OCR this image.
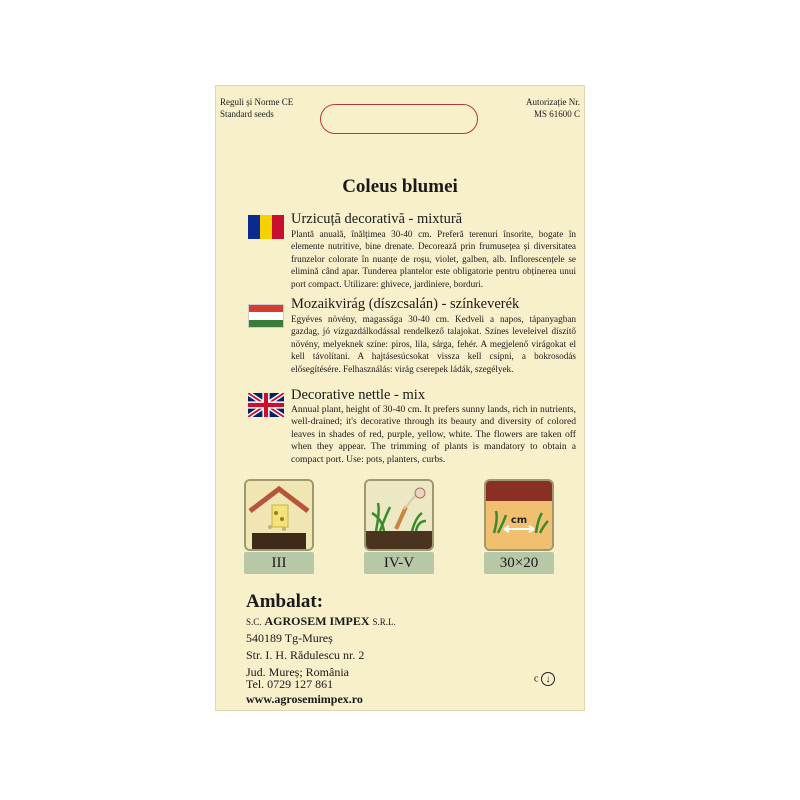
Reguli și Norme CE
Standard seeds
Autorizație Nr.
MS 61600 C
Coleus blumei
Urzicuță decorativă - mixtură

Plantă anuală, înălțimea 30-40 cm. Preferă terenuri însorite, bogate în elemente nutritive, bine drenate. Decorează prin frumusețea și diversitatea frunzelor colorate în nuanțe de roșu, violet, galben, alb. Inflorescențele se elimină când apar. Tunderea plantelor este obligatorie pentru obținerea unui port compact. Utilizare: ghivece, jardiniere, borduri.

Mozaikvirág (díszcsalán) - színkeverék

Egyéves növény, magassága 30-40 cm. Kedveli a napos, tápanyagban gazdag, jó vízgazdálkodással rendelkező talajokat. Színes leveleivel díszítő növény, melyeknek színe: piros, lila, sárga, fehér. A megjelenő virágokat el kell távolítani. A hajtásesúcsokat vissza kell csípni, a bokrosodás elősegítésére. Felhasználás: virág cserepek ládák, szegélyek.

Decorative nettle - mix

Annual plant, height of 30-40 cm. It prefers sunny lands, rich in nutrients, well-drained; it's decorative through its beauty and diversity of colored leaves in shades of red, purple, yellow, white. The flowers are taken off when they appear. The trimming of plants is mandatory to obtain a compact port. Use: pots, planters, curbs.

III	IV-V
cm
30×20
Ambalat:
S.C. AGROSEM IMPEX S.R.L.
540189 Tg-Mureș
Str. I. H. Rădulescu nr. 2
Jud. Mureș; România
Tel. 0729 127 861
www.agrosemimpex.ro
c ↓
